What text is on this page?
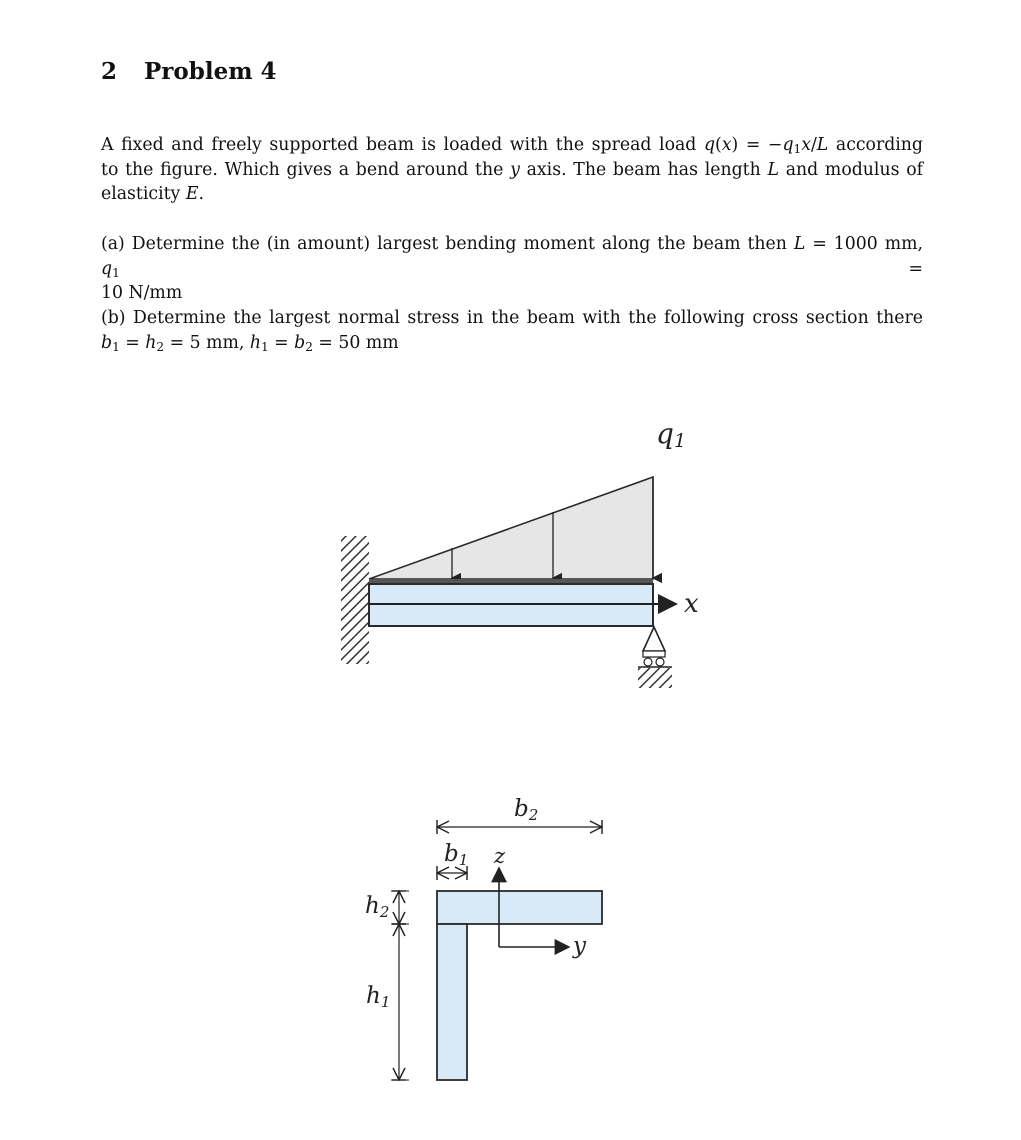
2 Problem 4
A fixed and freely supported beam is loaded with the spread load $q(x) = -q_1x/L$ according
to the figure. Which gives a bend around the y axis. The beam has length L and modulus of
elasticity E.
(a) Determine the (in amount) largest bending moment along the beam then L = 1000 mm, $q_1$ =
10 N/mm
(b) Determine the largest normal stress in the beam with the following cross section there
$b_1 = h_2 = 5$ mm, $h_1 = b_2 = 50$ mm
q1
x
b2
b1 z
y
h2
h1
